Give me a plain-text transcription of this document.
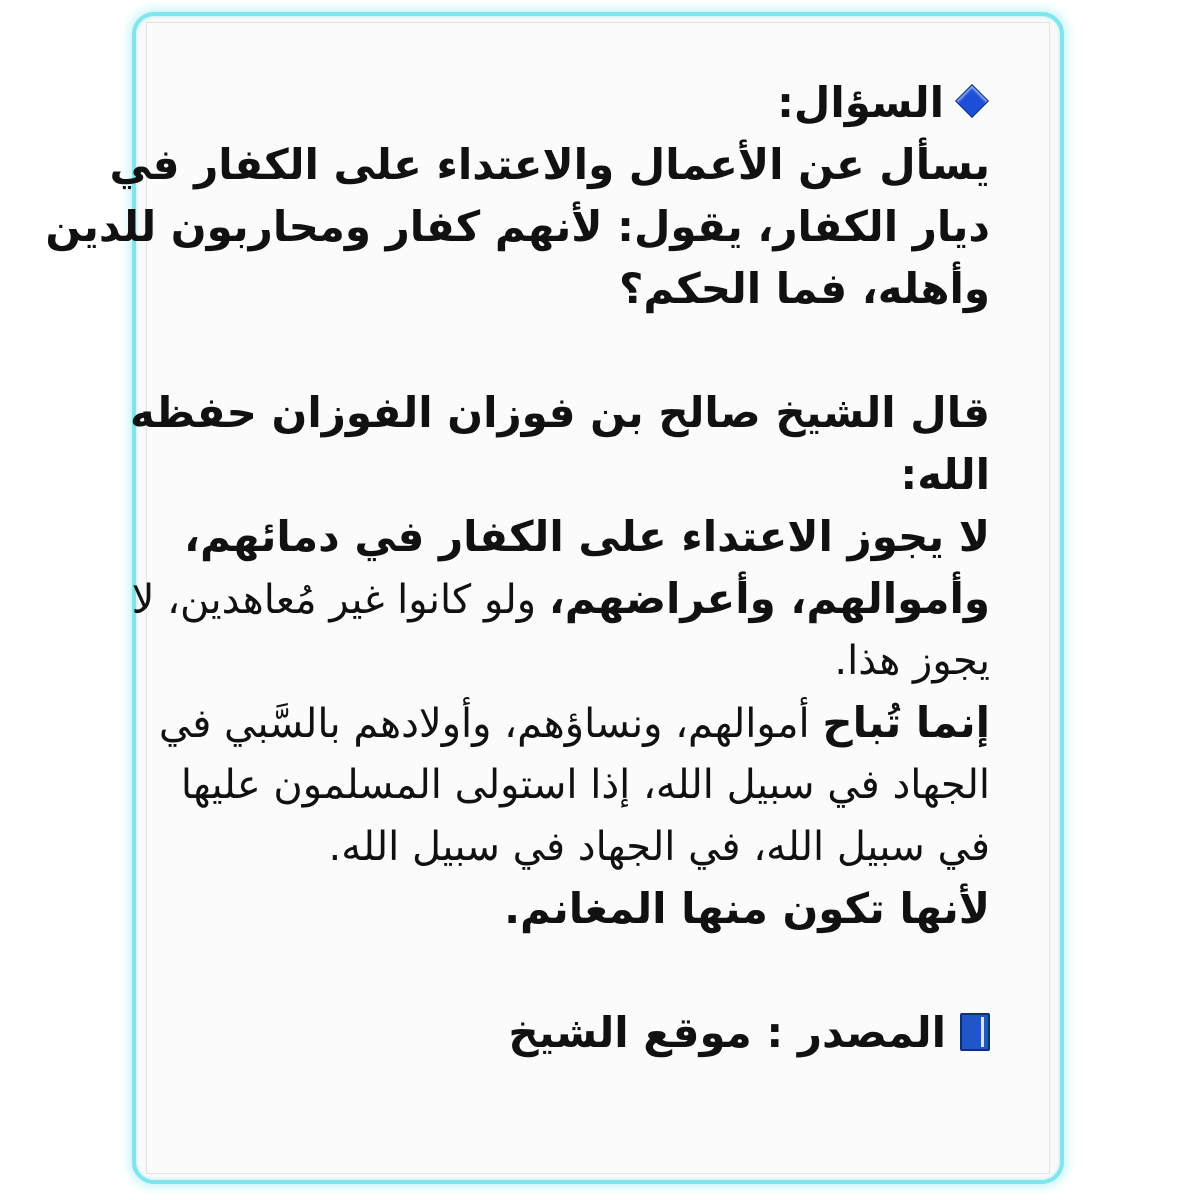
السؤال:
يسأل عن الأعمال والاعتداء على الكفار في
ديار الكفار، يقول: لأنهم كفار ومحاربون للدين
وأهله، فما الحكم؟
قال الشيخ صالح بن فوزان الفوزان حفظه
الله:
لا يجوز الاعتداء على الكفار في دمائهم،
وأموالهم، وأعراضهم، ولو كانوا غير مُعاهدين، لا
يجوز هذا.
إنما تُباح أموالهم، ونساؤهم، وأولادهم بالسَّبي في
الجهاد في سبيل الله، إذا استولى المسلمون عليها
في سبيل الله، في الجهاد في سبيل الله.
لأنها تكون منها المغانم.
المصدر : موقع الشيخ
